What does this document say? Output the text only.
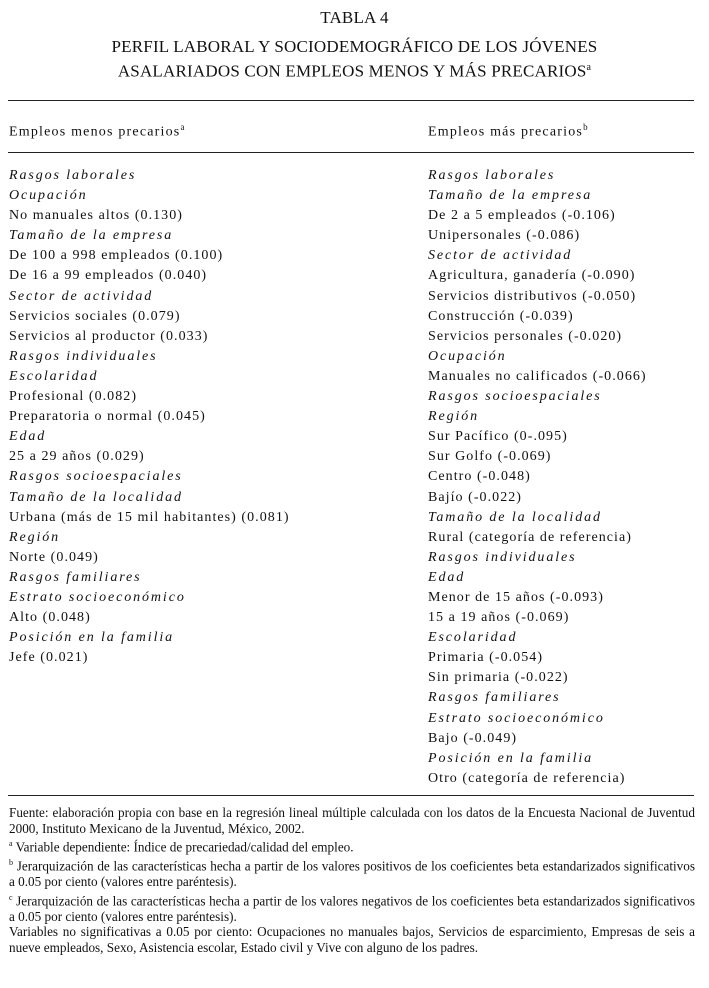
TABLA 4
PERFIL LABORAL Y SOCIODEMOGRÁFICO DE LOS JÓVENES
ASALARIADOS CON EMPLEOS MENOS Y MÁS PRECARIOS$^a$
Empleos menos precarios$^a$	Empleos más precarios$^b$
Rasgos laborales
Ocupación
No manuales altos (0.130)
Tamaño de la empresa
De 100 a 998 empleados (0.100)
De 16 a 99 empleados (0.040)
Sector de actividad
Servicios sociales (0.079)
Servicios al productor (0.033)
Rasgos individuales
Escolaridad
Profesional (0.082)
Preparatoria o normal (0.045)
Edad
25 a 29 años (0.029)
Rasgos socioespaciales
Tamaño de la localidad
Urbana (más de 15 mil habitantes) (0.081)
Región
Norte (0.049)
Rasgos familiares
Estrato socioeconómico
Alto (0.048)
Posición en la familia
Jefe (0.021)
Rasgos laborales
Tamaño de la empresa
De 2 a 5 empleados (-0.106)
Unipersonales (-0.086)
Sector de actividad
Agricultura, ganadería (-0.090)
Servicios distributivos (-0.050)
Construcción (-0.039)
Servicios personales (-0.020)
Ocupación
Manuales no calificados (-0.066)
Rasgos socioespaciales
Región
Sur Pacífico (0-.095)
Sur Golfo (-0.069)
Centro (-0.048)
Bajío (-0.022)
Tamaño de la localidad
Rural (categoría de referencia)
Rasgos individuales
Edad
Menor de 15 años (-0.093)
15 a 19 años (-0.069)
Escolaridad
Primaria (-0.054)
Sin primaria (-0.022)
Rasgos familiares
Estrato socioeconómico
Bajo (-0.049)
Posición en la familia
Otro (categoría de referencia)

Fuente: elaboración propia con base en la regresión lineal múltiple calculada con los datos de la Encuesta Nacional de Juventud 2000, Instituto Mexicano de la Juventud, México, 2002.

$^a$ Variable dependiente: Índice de precariedad/calidad del empleo.

$^b$ Jerarquización de las características hecha a partir de los valores positivos de los coeficientes beta estandarizados significativos a 0.05 por ciento (valores entre paréntesis).

$^c$ Jerarquización de las características hecha a partir de los valores negativos de los coeficientes beta estandarizados significativos a 0.05 por ciento (valores entre paréntesis).

Variables no significativas a 0.05 por ciento: Ocupaciones no manuales bajos, Servicios de esparcimiento, Empresas de seis a nueve empleados, Sexo, Asistencia escolar, Estado civil y Vive con alguno de los padres.
